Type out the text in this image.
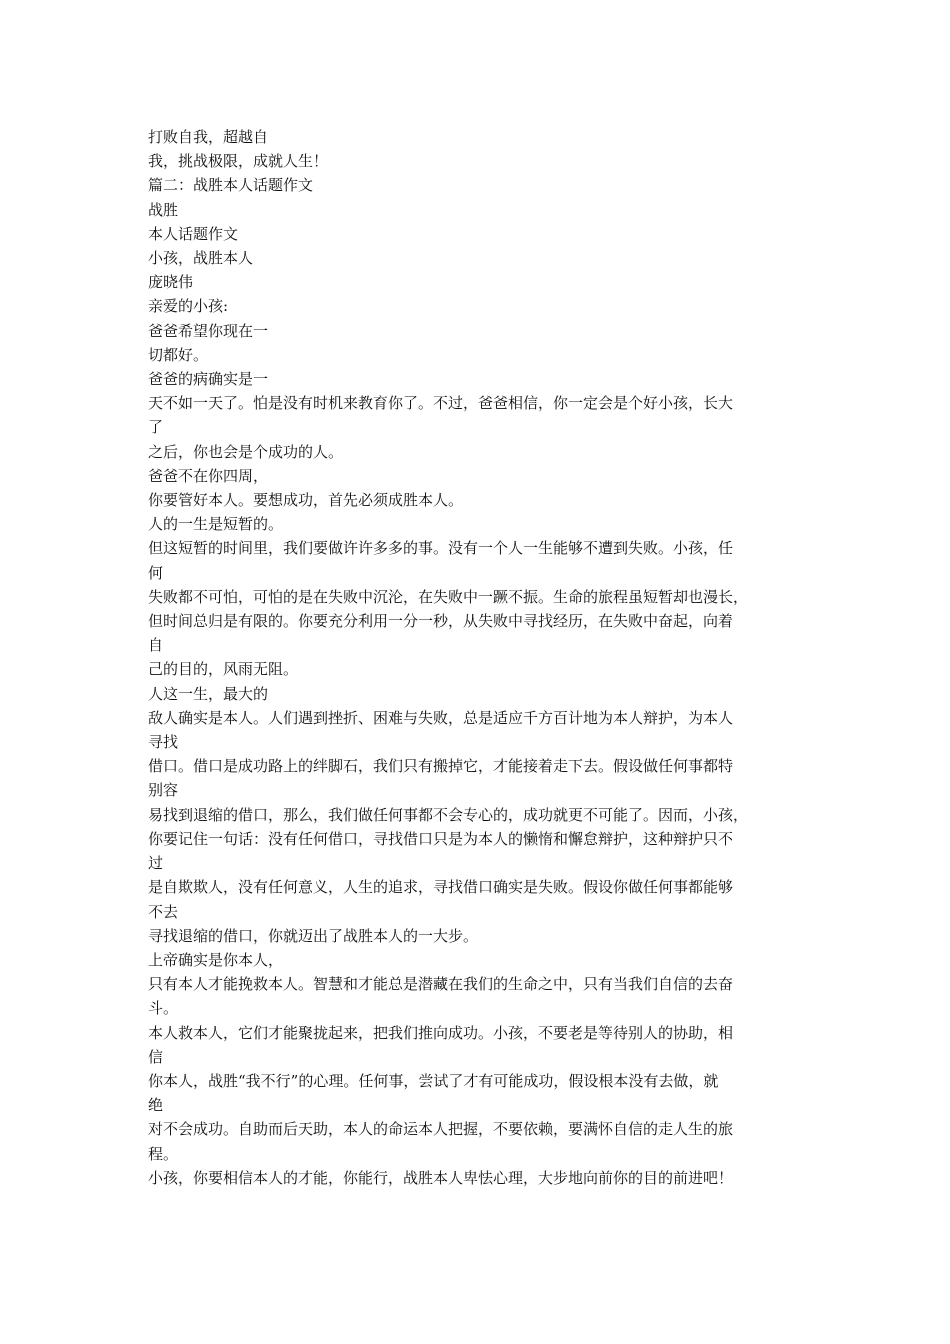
打败自我，超越自
我，挑战极限，成就人生！
篇二：战胜本人话题作文
战胜
本人话题作文
小孩，战胜本人
庞晓伟
亲爱的小孩:
爸爸希望你现在一
切都好。
爸爸的病确实是一
天不如一天了。怕是没有时机来教育你了。不过，爸爸相信，你一定会是个好小孩，长大
了
之后，你也会是个成功的人。
爸爸不在你四周，
你要管好本人。要想成功，首先必须成胜本人。
人的一生是短暂的。
但这短暂的时间里，我们要做许许多多的事。没有一个人一生能够不遭到失败。小孩，任
何
失败都不可怕，可怕的是在失败中沉沦，在失败中一蹶不振。生命的旅程虽短暂却也漫长，
但时间总归是有限的。你要充分利用一分一秒，从失败中寻找经历，在失败中奋起，向着
自
己的目的，风雨无阻。
人这一生，最大的
敌人确实是本人。人们遇到挫折、困难与失败，总是适应千方百计地为本人辩护，为本人
寻找
借口。借口是成功路上的绊脚石，我们只有搬掉它，才能接着走下去。假设做任何事都特
别容
易找到退缩的借口，那么，我们做任何事都不会专心的，成功就更不可能了。因而，小孩，
你要记住一句话：没有任何借口，寻找借口只是为本人的懒惰和懈怠辩护，这种辩护只不
过
是自欺欺人，没有任何意义，人生的追求，寻找借口确实是失败。假设你做任何事都能够
不去
寻找退缩的借口，你就迈出了战胜本人的一大步。
上帝确实是你本人，
只有本人才能挽救本人。智慧和才能总是潜藏在我们的生命之中，只有当我们自信的去奋
斗。
本人救本人，它们才能聚拢起来，把我们推向成功。小孩，不要老是等待别人的协助，相
信
你本人，战胜“我不行”的心理。任何事，尝试了才有可能成功，假设根本没有去做，就
绝
对不会成功。自助而后天助，本人的命运本人把握，不要依赖，要满怀自信的走人生的旅
程。
小孩，你要相信本人的才能，你能行，战胜本人卑怯心理，大步地向前你的目的前进吧！
